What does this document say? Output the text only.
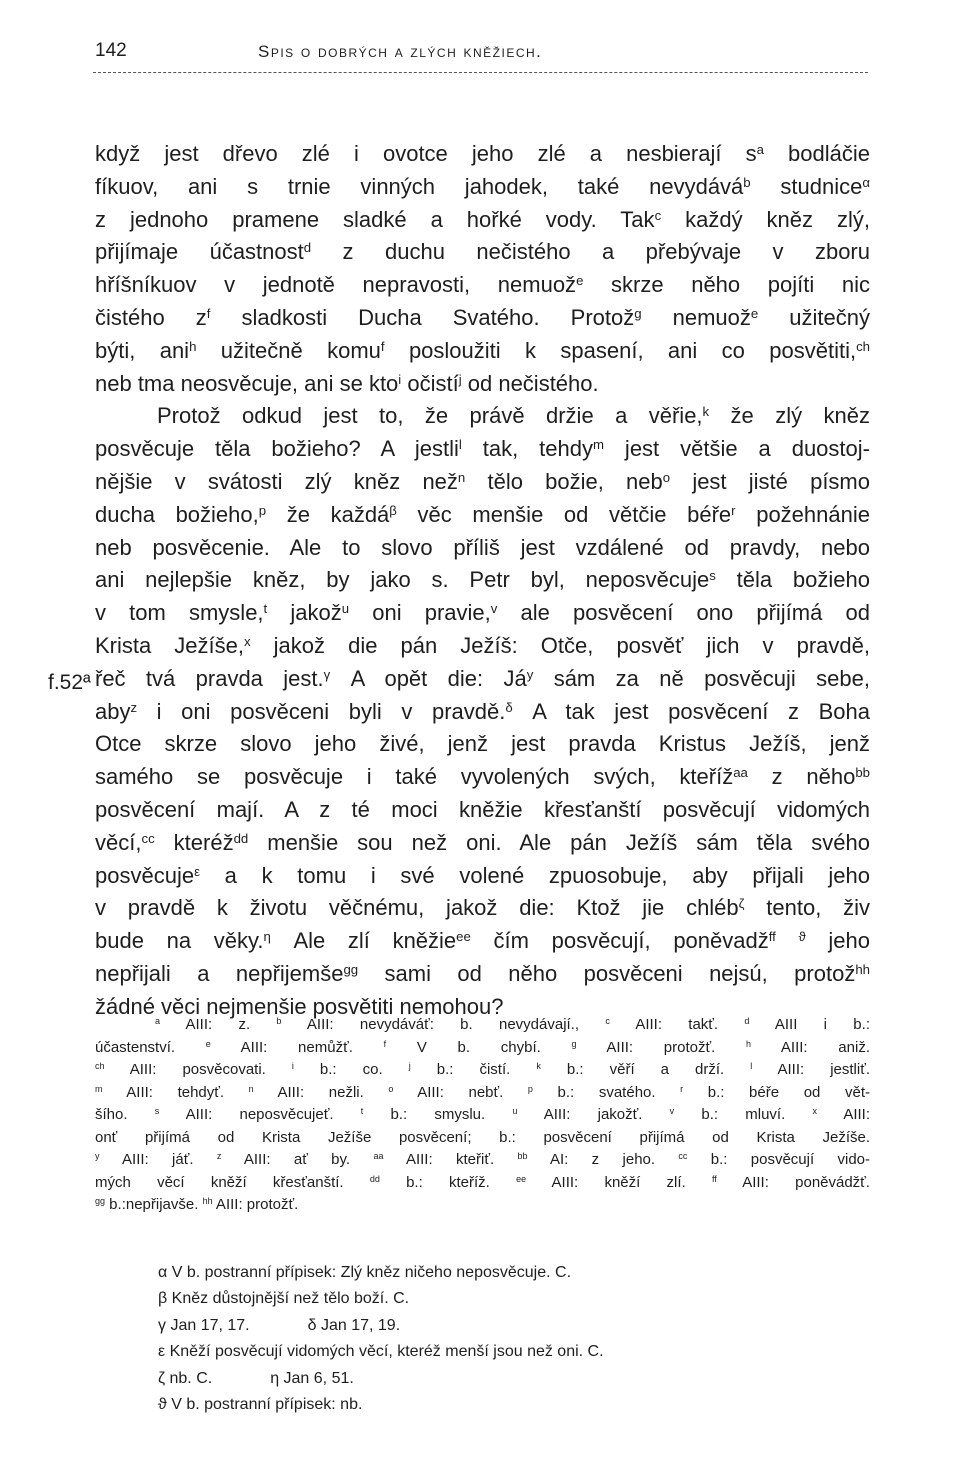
142	Spis o dobrých a zlých kněžiech.
f.52ª
když jest dřevo zlé i ovotce jeho zlé a nesbierají $s^a$ bodláčie
fíkuov, ani s trnie vinných jahodek, také nevydává$^b$ studnice$^\alpha$
z jednoho pramene sladké a hořké vody. Tak$^c$ každý kněz zlý,
přijímaje účastnost$^d$ z duchu nečistého a přebývaje v zboru
hříšníkuov v jednotě nepravosti, nemuož$^e$ skrze něho pojíti nic
čistého $z^f$ sladkosti Ducha Svatého. Protož$^g$ nemuož$^e$ užitečný
býti, ani$^h$ užitečně komu$^f$ posloužiti k spasení, ani co posvětiti,$^{ch}$
neb tma neosvěcuje, ani se kto$^i$ očistí$^j$ od nečistého.
Protož odkud jest to, že právě držie a věřie,$^k$ že zlý kněz
posvěcuje těla božieho? A jestli$^l$ tak, tehdy$^m$ jest většie a duostoj-
nějšie v svátosti zlý kněz než$^n$ tělo božie, neb$^o$ jest jisté písmo
ducha božieho,$^p$ že každá$^\beta$ věc menšie od větčie béře$^r$ požehnánie
neb posvěcenie. Ale to slovo příliš jest vzdálené od pravdy, nebo
ani nejlepšie kněz, by jako s. Petr byl, neposvěcuje$^s$ těla božieho
v tom smysle,$^t$ jakož$^u$ oni pravie,$^v$ ale posvěcení ono přijímá od
Krista Ježíše,$^x$ jakož die pán Ježíš: Otče, posvěť jich v pravdě,
řeč tvá pravda jest.$^\gamma$ A opět die: $Já^y$ sám za ně posvěcuji sebe,
aby$^z$ i oni posvěceni byli v pravdě.$^\delta$ A tak jest posvěcení z Boha
Otce skrze slovo jeho živé, jenž jest pravda Kristus Ježíš, jenž
samého se posvěcuje i také vyvolených svých, kteříž$^{aa}$ z něho$^{bb}$
posvěcení mají. A z té moci kněžie křesťanští posvěcují vidomých
věcí,$^{cc}$ kteréž$^{dd}$ menšie sou než oni. Ale pán Ježíš sám těla svého
posvěcuje$^\varepsilon$ a k tomu i své volené zpuosobuje, aby přijali jeho
v pravdě k životu věčnému, jakož die: Ktož jie chléb$^\zeta$ tento, živ
bude na věky.$^\eta$ Ale zlí kněžie$^{ee}$ čím posvěcují, poněvadž$^{ff}$ $^ϑ$ jeho
nepřijali a nepřijemše$^{gg}$ sami od něho posvěceni nejsú, protož$^{hh}$
žádné věci nejmenšie posvětiti nemohou?
$^a$ AIII: z. $^b$ AIII: nevydáváť: b. nevydávají., $^c$ AIII: takť. $^d$ AIII i b.:
účastenství. $^e$ AIII: nemůžť. $^f$ V b. chybí. $^g$ AIII: protožť. $^h$ AIII: aniž.
$^{ch}$ AIII: posvěcovati. $^i$ b.: co. $^j$ b.: čistí. $^k$ b.: věří a drží. $^l$ AIII: jestliť.
$^m$ AIII: tehdyť. $^n$ AIII: nežli. $^o$ AIII: nebť. $^p$ b.: svatého. $^r$ b.: béře od vět-
šího. $^s$ AIII: neposvěcujeť. $^t$ b.: smyslu. $^u$ AIII: jakožť. $^v$ b.: mluví. $^x$ AIII:
onť přijímá od Krista Ježíše posvěcení; b.: posvěcení přijímá od Krista Ježíše.
$^y$ AIII: jáť. $^z$ AIII: ať by. $^{aa}$ AIII: kteřiť. $^{bb}$ AI: z jeho. $^{cc}$ b.: posvěcují vido-
mých věcí kněží křesťanští. $^{dd}$ b.: kteříž. $^{ee}$ AIII: kněží zlí. $^{ff}$ AIII: poněvádžť.
$^{gg}$ b.:nepřijavše. $^{hh}$ AIII: protožť.
α V b. postranní přípisek: Zlý kněz ničeho neposvěcuje. C.
β Kněz důstojnější než tělo boží. C.
γ Jan 17, 17.	δ Jan 17, 19.
ε Kněží posvěcují vidomých věcí, kteréž menší jsou než oni. C.
ζ nb. C.	η Jan 6, 51.
ϑ V b. postranní přípisek: nb.
